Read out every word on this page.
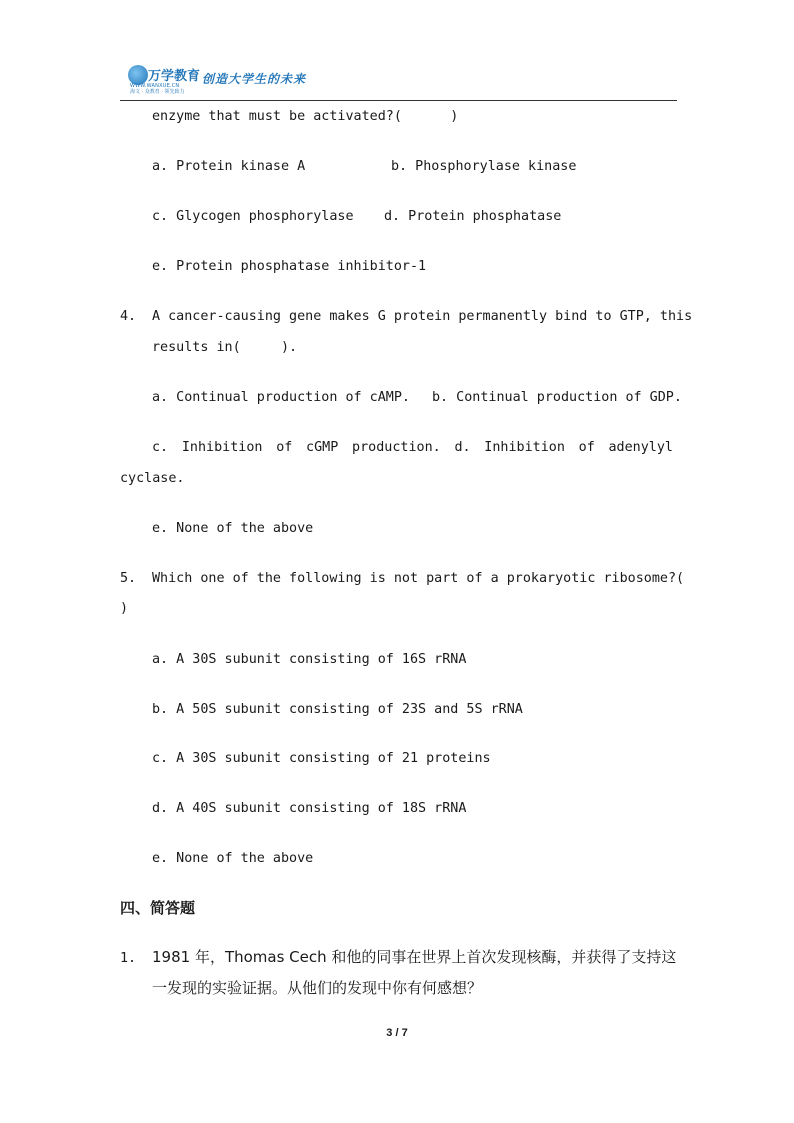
万学教育
WWW.WANXUE.CN
海文 · 众教育 · 领先致力
创造大学生的未来
enzyme that must be activated?(      )
a. Protein kinase A	b. Phosphorylase kinase
c. Glycogen phosphorylase d. Protein phosphatase
e. Protein phosphatase inhibitor-1
4. A cancer-causing gene makes G protein permanently bind to GTP, this
results in(     ).
a. Continual production of cAMP. b. Continual production of GDP.
c. Inhibition of cGMP production. d. Inhibition of adenylyl
cyclase.
e. None of the above
5. Which one of the following is not part of a prokaryotic ribosome?(
)
a. A 30S subunit consisting of 16S rRNA
b. A 50S subunit consisting of 23S and 5S rRNA
c. A 30S subunit consisting of 21 proteins
d. A 40S subunit consisting of 18S rRNA
e. None of the above
四、简答题
1. 1981 年，Thomas Cech 和他的同事在世界上首次发现核酶，并获得了支持这
一发现的实验证据。从他们的发现中你有何感想？
3 / 7
